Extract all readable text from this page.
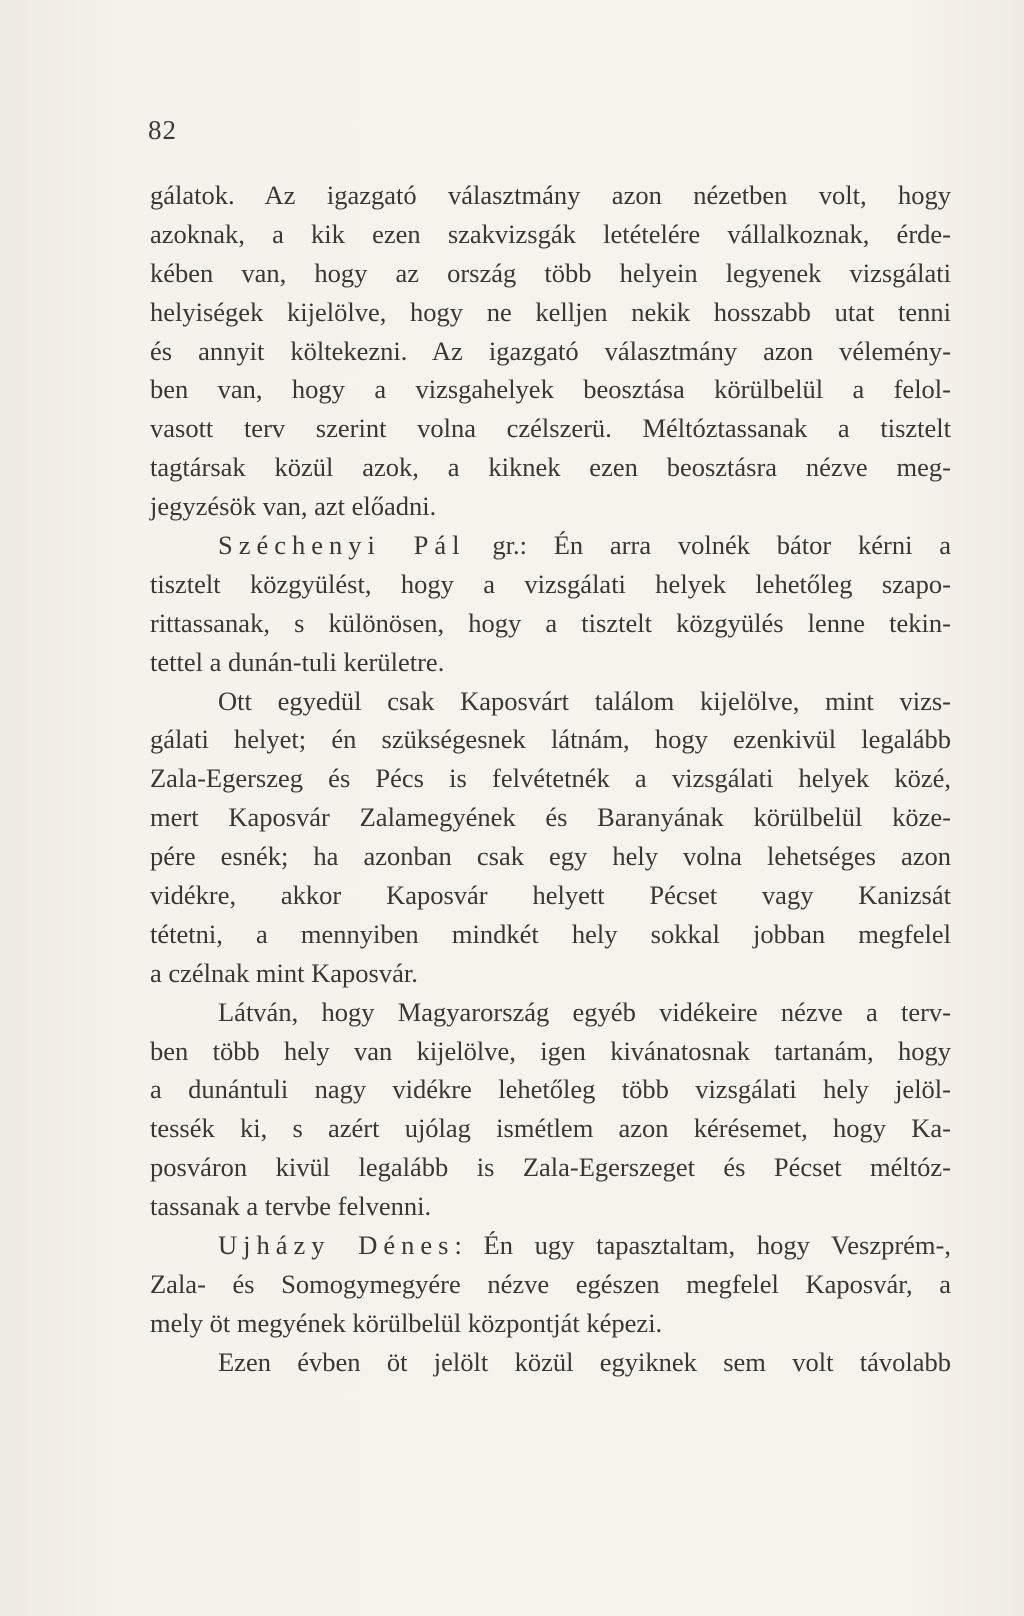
82
gálatok. Az igazgató választmány azon nézetben volt, hogy
azoknak, a kik ezen szakvizsgák letételére vállalkoznak, érde-
kében van, hogy az ország több helyein legyenek vizsgálati
helyiségek kijelölve, hogy ne kelljen nekik hosszabb utat tenni
és annyit költekezni. Az igazgató választmány azon vélemény-
ben van, hogy a vizsgahelyek beosztása körülbelül a felol-
vasott terv szerint volna czélszerü. Méltóztassanak a tisztelt
tagtársak közül azok, a kiknek ezen beosztásra nézve meg-
jegyzésök van, azt előadni.
Széchenyi Pál gr.: Én arra volnék bátor kérni a
tisztelt közgyülést, hogy a vizsgálati helyek lehetőleg szapo-
rittassanak, s különösen, hogy a tisztelt közgyülés lenne tekin-
tettel a dunán-tuli kerületre.
Ott egyedül csak Kaposvárt találom kijelölve, mint vizs-
gálati helyet; én szükségesnek látnám, hogy ezenkivül legalább
Zala-Egerszeg és Pécs is felvétetnék a vizsgálati helyek közé,
mert Kaposvár Zalamegyének és Baranyának körülbelül köze-
pére esnék; ha azonban csak egy hely volna lehetséges azon
vidékre, akkor Kaposvár helyett Pécset vagy Kanizsát
tétetni, a mennyiben mindkét hely sokkal jobban megfelel
a czélnak mint Kaposvár.
Látván, hogy Magyarország egyéb vidékeire nézve a terv-
ben több hely van kijelölve, igen kivánatosnak tartanám, hogy
a dunántuli nagy vidékre lehetőleg több vizsgálati hely jelöl-
tessék ki, s azért ujólag ismétlem azon kérésemet, hogy Ka-
posváron kivül legalább is Zala-Egerszeget és Pécset méltóz-
tassanak a tervbe felvenni.
Ujházy Dénes: Én ugy tapasztaltam, hogy Veszprém-,
Zala- és Somogymegyére nézve egészen megfelel Kaposvár, a
mely öt megyének körülbelül központját képezi.
Ezen évben öt jelölt közül egyiknek sem volt távolabb
